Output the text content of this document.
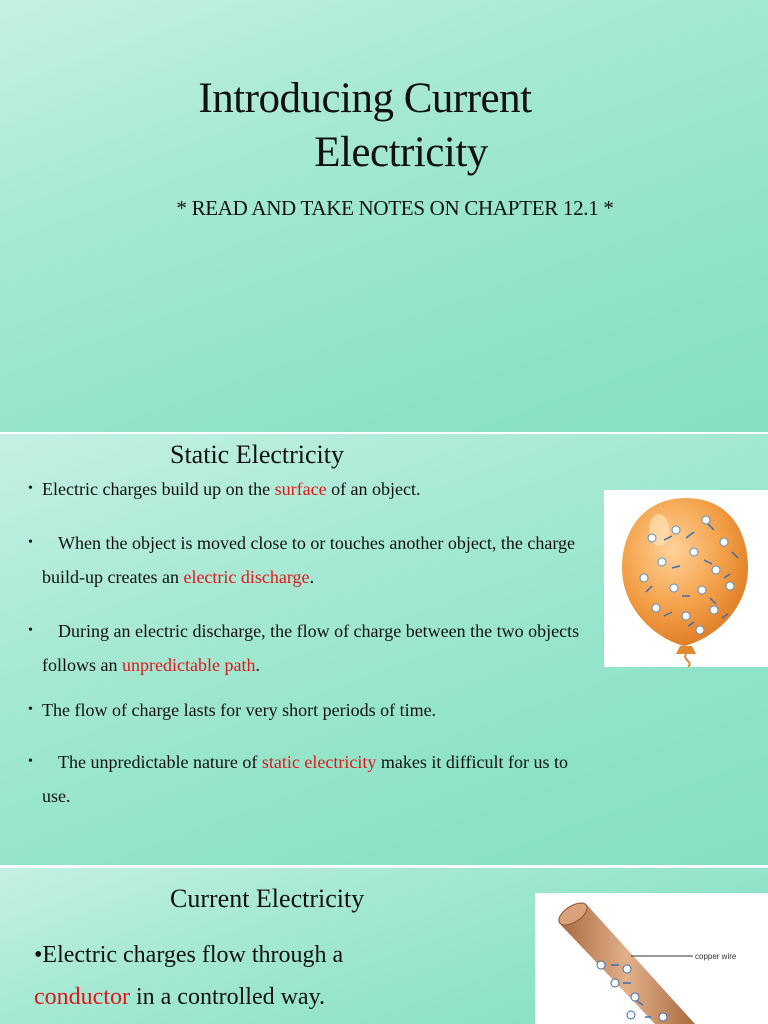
Introducing Current
Electricity
* READ AND TAKE NOTES ON CHAPTER 12.1 *
Static Electricity
• Electric charges build up on the surface of an object.
•	When the object is moved close to or touches another object, the charge build-up creates an electric discharge.
•	During an electric discharge, the flow of charge between the two objects follows an unpredictable path.
• The flow of charge lasts for very short periods of time.
•	The unpredictable nature of static electricity makes it difficult for us to use.
Current Electricity
•Electric charges flow through a conductor in a controlled way.
copper wire
